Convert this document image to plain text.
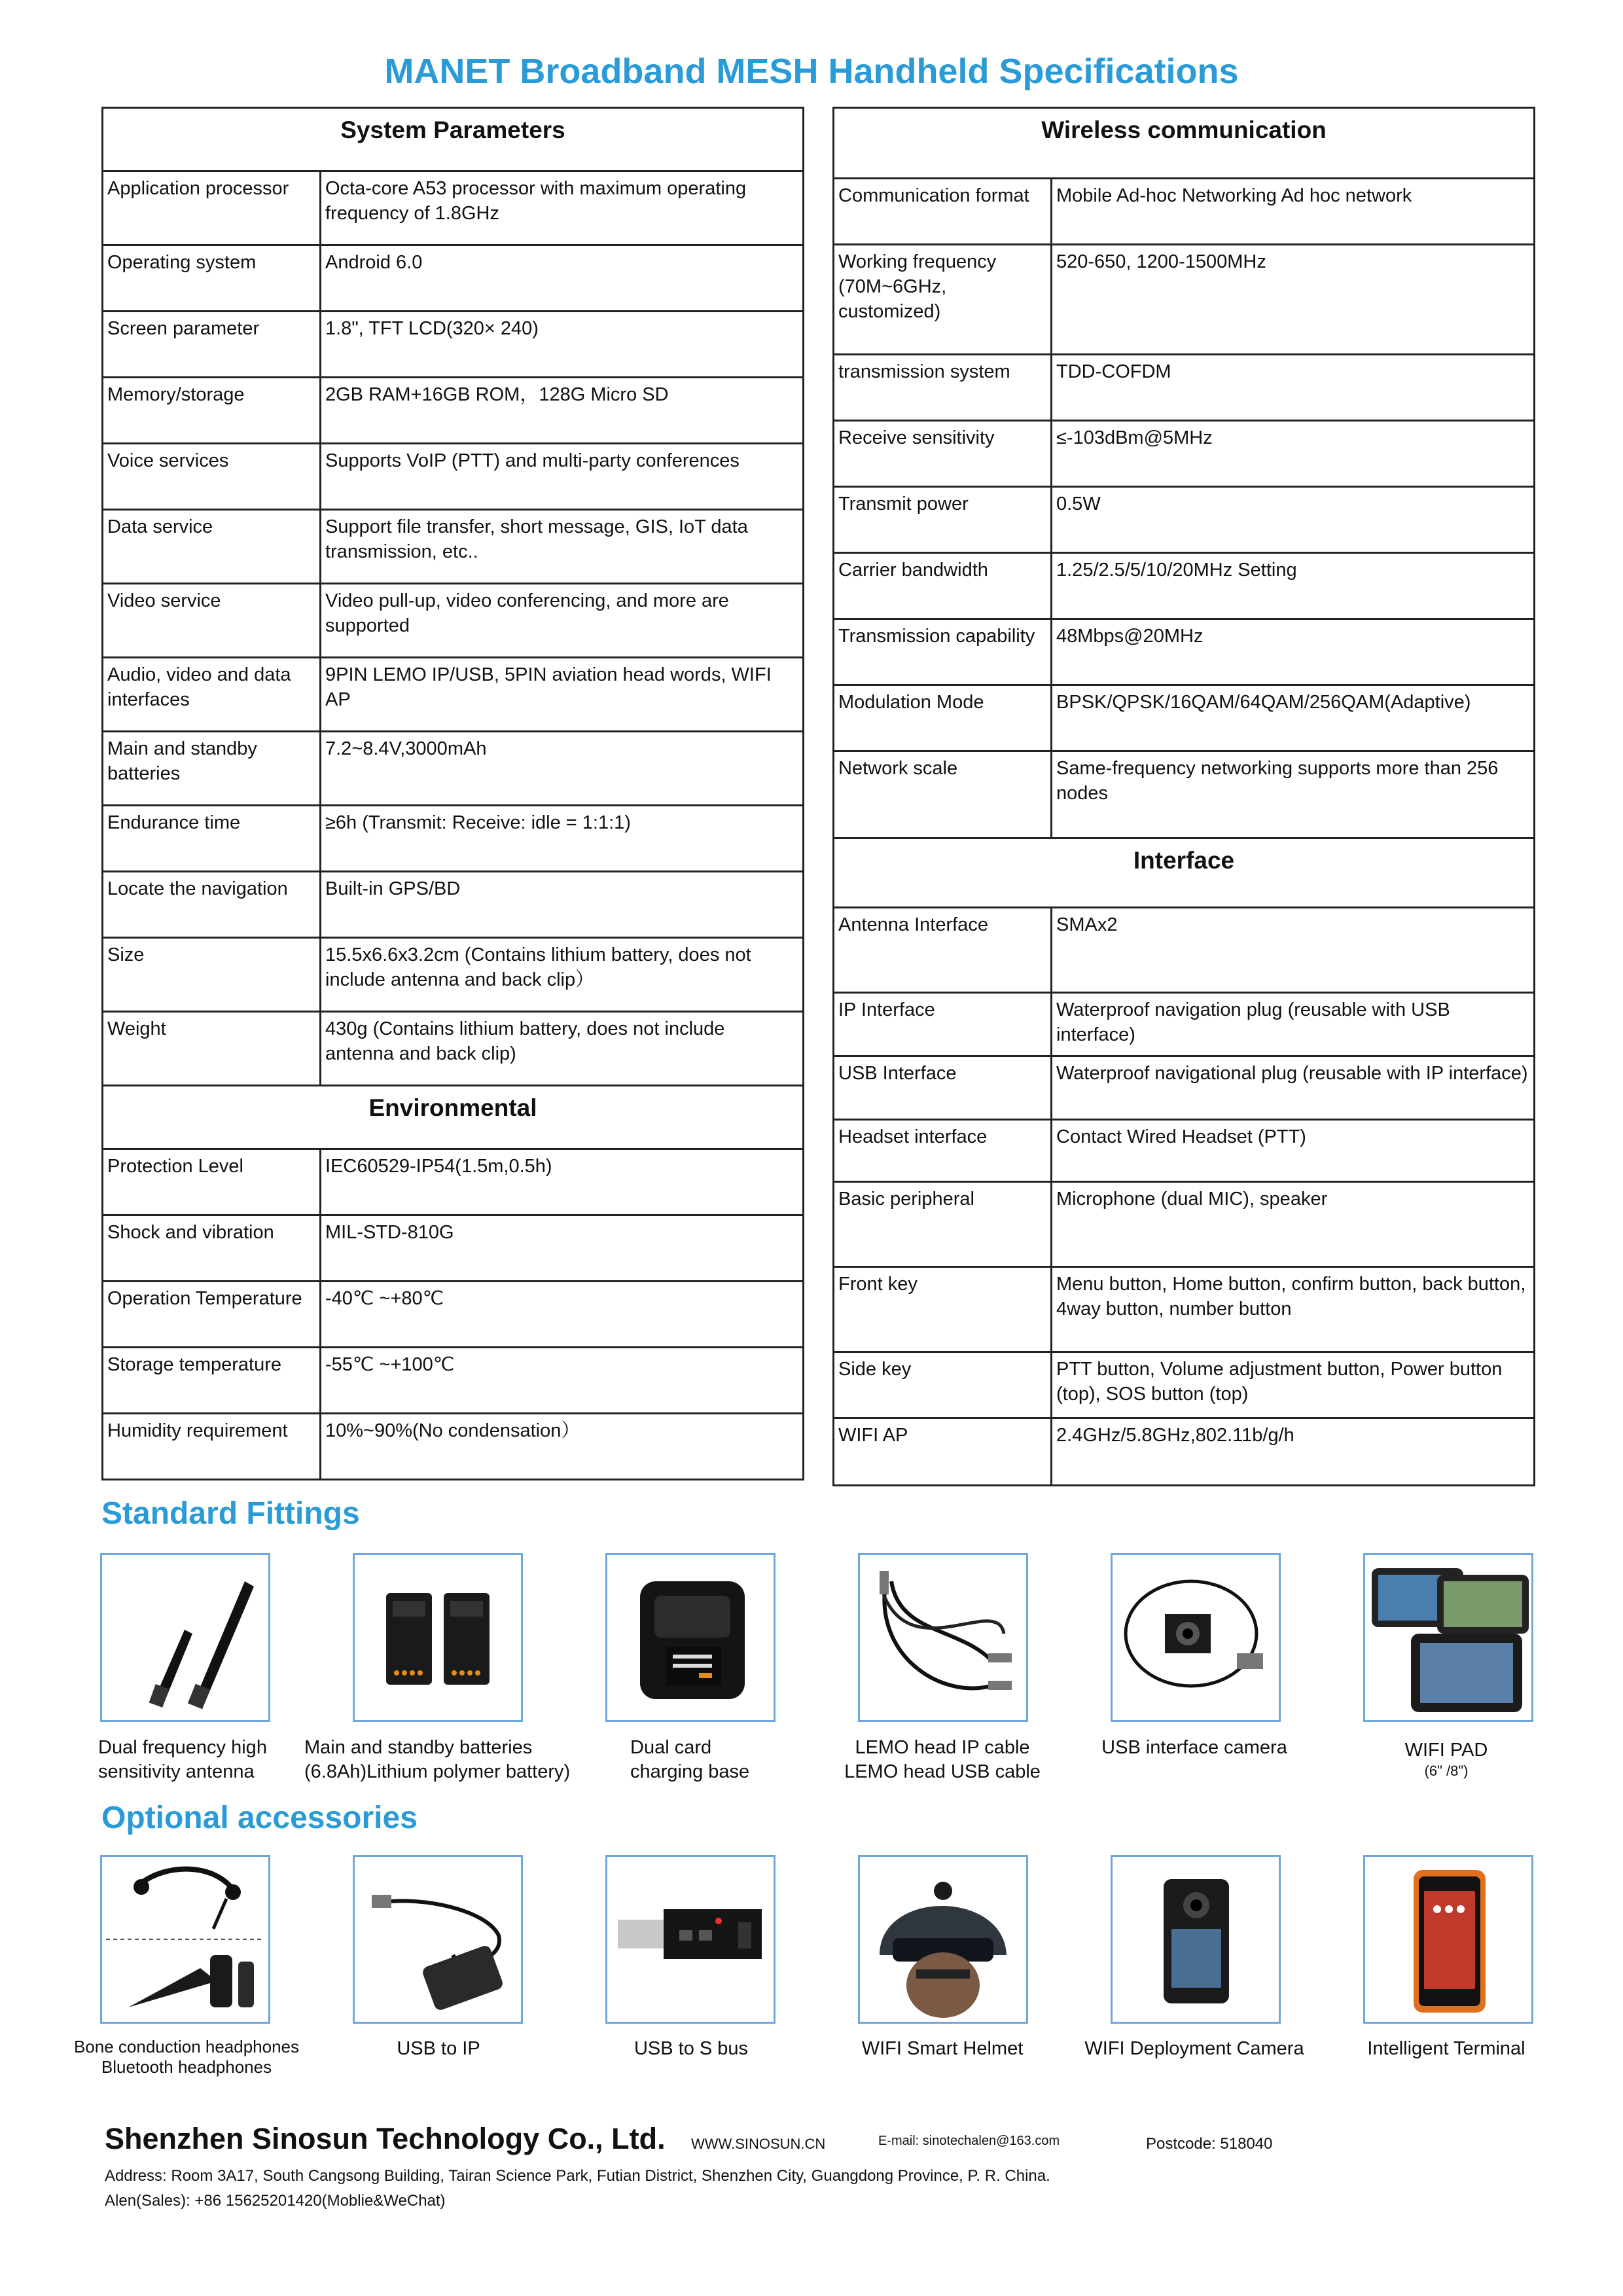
MANET Broadband MESH Handheld Specifications
System Parameters	
Application processor	Octa-core A53 processor with maximum operating frequency of 1.8GHz
Operating system	Android 6.0
Screen parameter	1.8", TFT LCD(320× 240)
Memory/storage	2GB RAM+16GB ROM，128G Micro SD
Voice services	Supports VoIP (PTT) and multi-party conferences
Data service	Support file transfer, short message, GIS, IoT data transmission, etc..
Video service	Video pull-up, video conferencing, and more are supported
Audio, video and data interfaces	9PIN LEMO IP/USB, 5PIN aviation head words, WIFI AP
Main and standby batteries	7.2~8.4V,3000mAh
Endurance time	≥6h (Transmit: Receive: idle = 1:1:1)
Locate the navigation	Built-in GPS/BD
Size	15.5x6.6x3.2cm (Contains lithium battery, does not include antenna and back clip）
Weight	430g (Contains lithium battery, does not include antenna and back clip)
Environmental	
Protection Level	IEC60529-IP54(1.5m,0.5h)
Shock and vibration	MIL-STD-810G
Operation Temperature	-40℃ ~+80℃
Storage temperature	-55℃ ~+100℃
Humidity requirement	10%~90%(No condensation）
Wireless communication	
Communication format	Mobile Ad-hoc Networking Ad hoc network
Working frequency (70M~6GHz, customized)	520-650, 1200-1500MHz
transmission system	TDD-COFDM
Receive sensitivity	≤-103dBm@5MHz
Transmit power	0.5W
Carrier bandwidth	1.25/2.5/5/10/20MHz Setting
Transmission capability	48Mbps@20MHz
Modulation Mode	BPSK/QPSK/16QAM/64QAM/256QAM(Adaptive)
Network scale	Same-frequency networking supports more than 256 nodes
Interface	
Antenna Interface	SMAx2
IP Interface	Waterproof navigation plug (reusable with USB interface)
USB Interface	Waterproof navigational plug (reusable with IP interface)
Headset interface	Contact Wired Headset (PTT)
Basic peripheral	Microphone (dual MIC), speaker
Front key	Menu button, Home button, confirm button, back button, 4way button, number button
Side key	PTT button, Volume adjustment button, Power button (top), SOS button (top)
WIFI AP	2.4GHz/5.8GHz,802.11b/g/h
Standard Fittings
Dual frequency high
sensitivity antenna
Main and standby batteries
(6.8Ah)Lithium polymer battery)
Dual card
charging base
LEMO head IP cable
LEMO head USB cable
USB interface camera	WIFI PAD
(6" /8")
Optional accessories
Bone conduction headphones
Bluetooth headphones
USB to IP	USB to S bus	WIFI Smart Helmet	WIFI Deployment Camera	Intelligent Terminal
Shenzhen Sinosun Technology Co., Ltd. WWW.SINOSUN.CN	E-mail: sinotechalen@163.com	Postcode: 518040
Address: Room 3A17, South Cangsong Building, Tairan Science Park, Futian District, Shenzhen City, Guangdong Province, P. R. China.
Alen(Sales): +86 15625201420(Moblie&WeChat)
